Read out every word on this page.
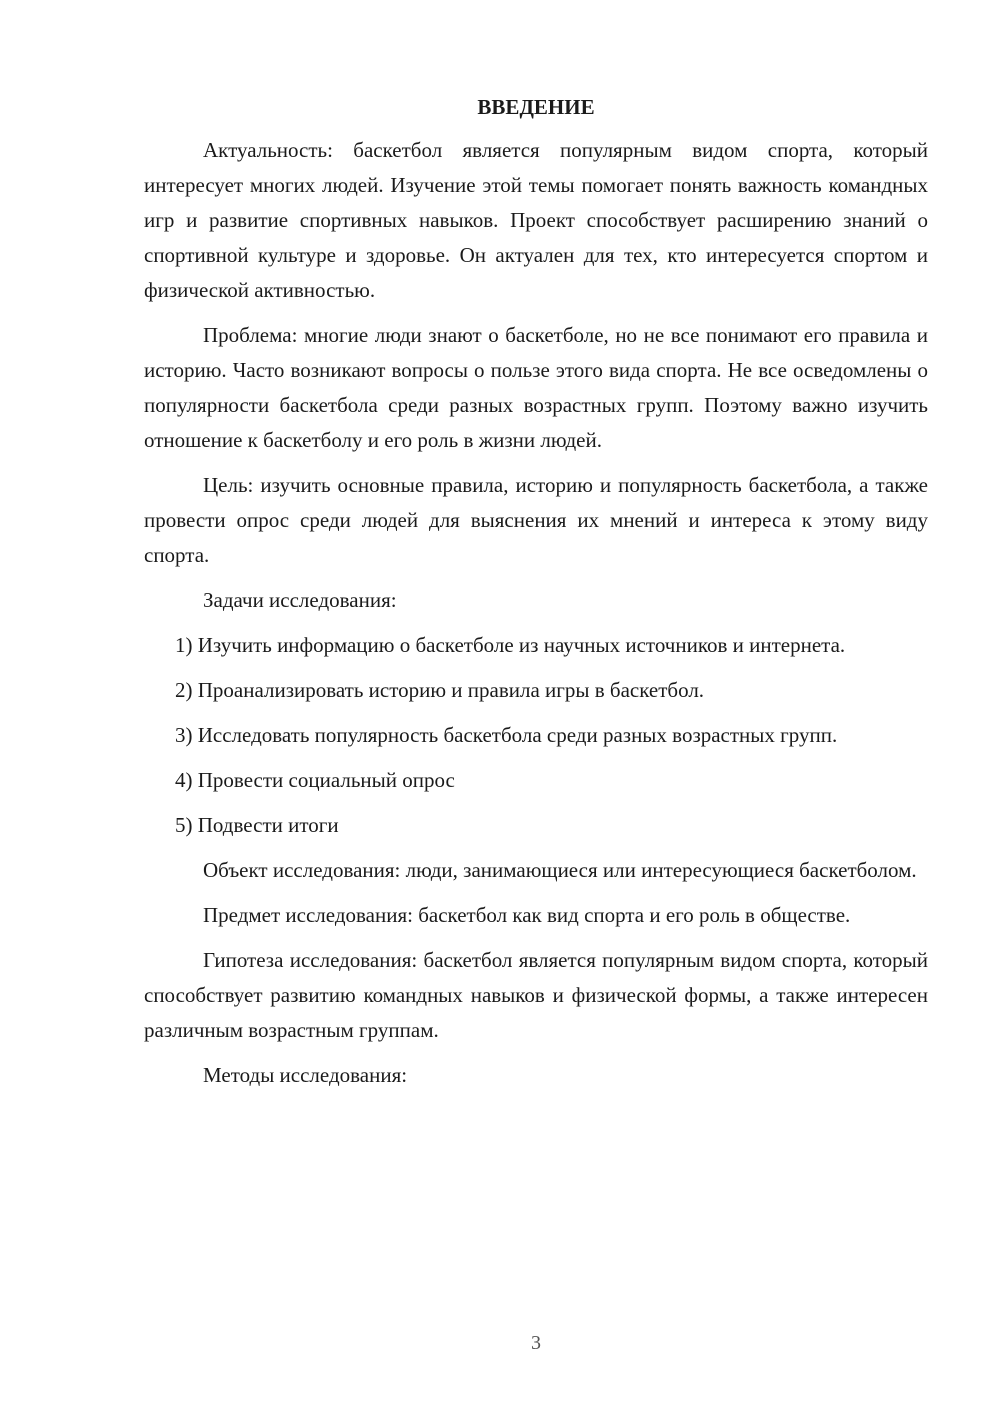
ВВЕДЕНИЕ

Актуальность: баскетбол является популярным видом спорта, который интересует многих людей. Изучение этой темы помогает понять важность командных игр и развитие спортивных навыков. Проект способствует расширению знаний о спортивной культуре и здоровье. Он актуален для тех, кто интересуется спортом и физической активностью.

Проблема: многие люди знают о баскетболе, но не все понимают его правила и историю. Часто возникают вопросы о пользе этого вида спорта. Не все осведомлены о популярности баскетбола среди разных возрастных групп. Поэтому важно изучить отношение к баскетболу и его роль в жизни людей.

Цель: изучить основные правила, историю и популярность баскетбола, а также провести опрос среди людей для выяснения их мнений и интереса к этому виду спорта.

Задачи исследования:

1) Изучить информацию о баскетболе из научных источников и интернета.

2) Проанализировать историю и правила игры в баскетбол.

3) Исследовать популярность баскетбола среди разных возрастных групп.

4) Провести социальный опрос

5) Подвести итоги

Объект исследования: люди, занимающиеся или интересующиеся баскетболом.

Предмет исследования: баскетбол как вид спорта и его роль в обществе.

Гипотеза исследования: баскетбол является популярным видом спорта, который способствует развитию командных навыков и физической формы, а также интересен различным возрастным группам.

Методы исследования:

3
